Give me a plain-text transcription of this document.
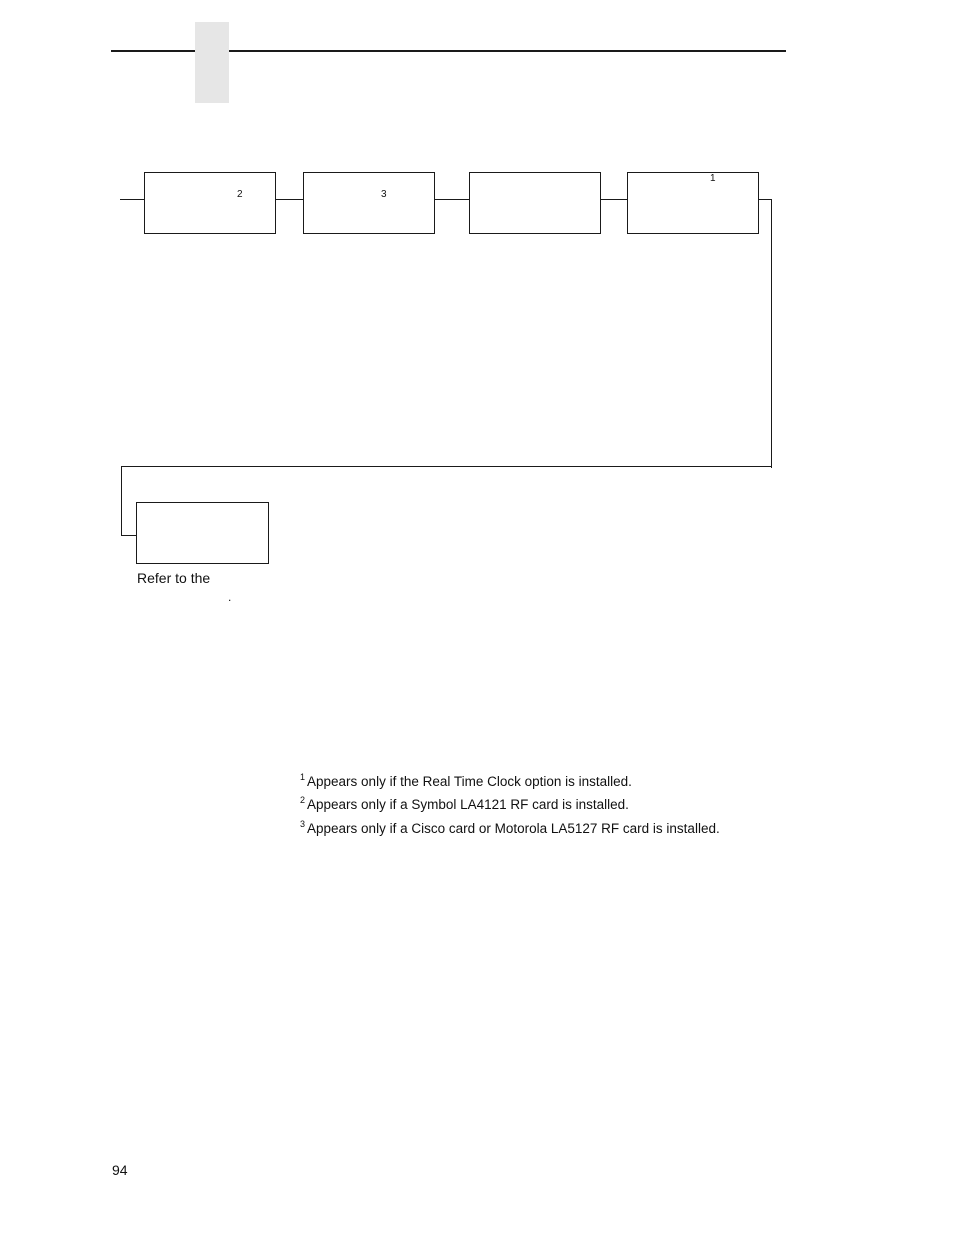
2	3
1
Refer to the
.
$^1$ Appears only if the Real Time Clock option is installed.
$^2$ Appears only if a Symbol LA4121 RF card is installed.
$^3$ Appears only if a Cisco card or Motorola LA5127 RF card is installed.
94
